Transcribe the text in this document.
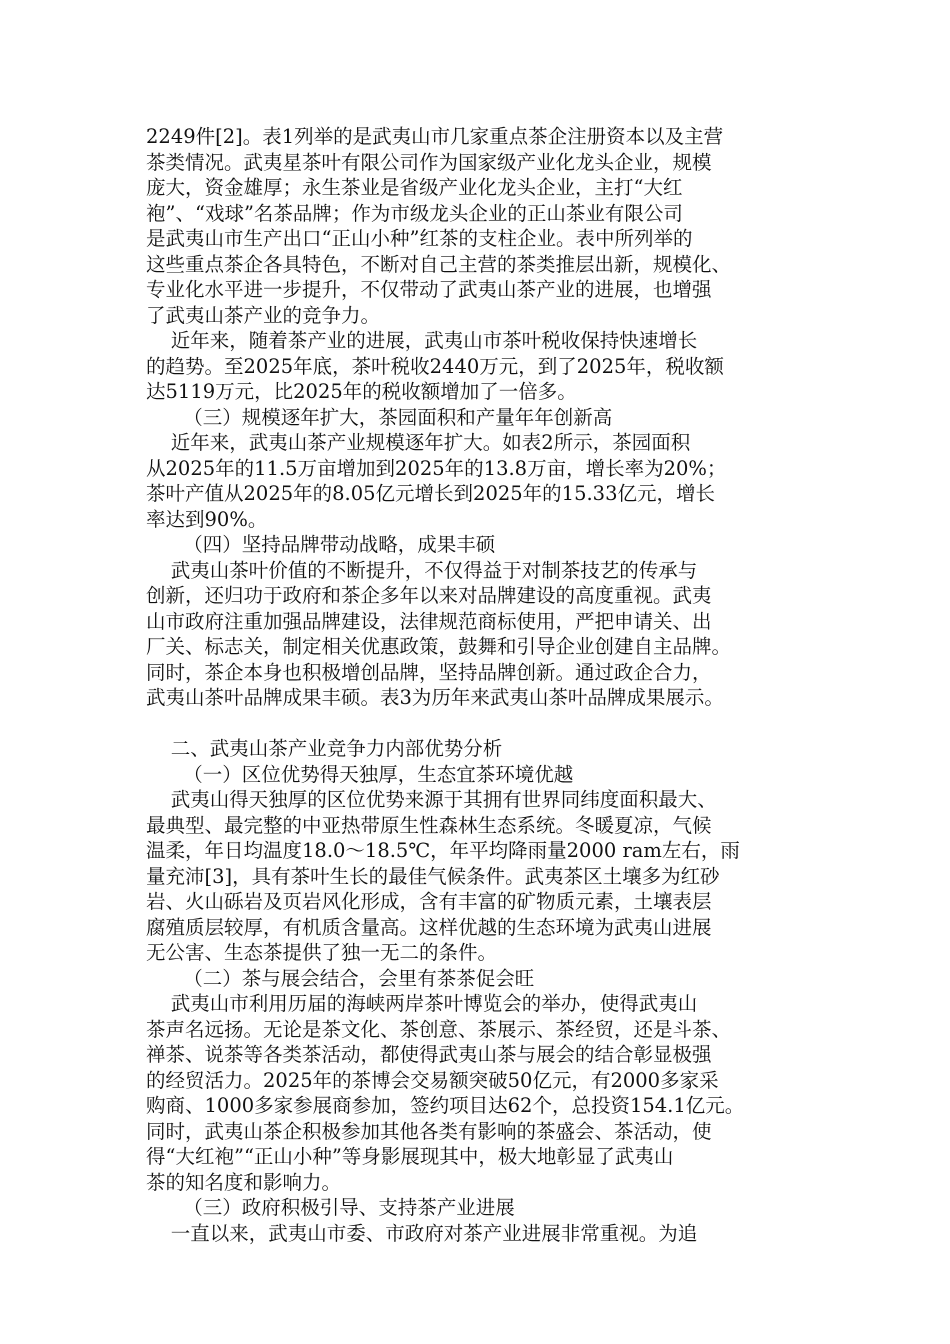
2249件[2]。表1列举的是武夷山市几家重点茶企注册资本以及主营
茶类情况。武夷星茶叶有限公司作为国家级产业化龙头企业，规模
庞大，资金雄厚；永生茶业是省级产业化龙头企业，主打“大红
袍”、“戏球”名茶品牌；作为市级龙头企业的正山茶业有限公司
是武夷山市生产出口“正山小种”红茶的支柱企业。表中所列举的
这些重点茶企各具特色，不断对自己主营的茶类推层出新，规模化、
专业化水平进一步提升，不仅带动了武夷山茶产业的进展，也增强
了武夷山茶产业的竞争力。
近年来，随着茶产业的进展，武夷山市茶叶税收保持快速增长
的趋势。至2025年底，茶叶税收2440万元，到了2025年，税收额
达5119万元，比2025年的税收额增加了一倍多。
（三）规模逐年扩大，茶园面积和产量年年创新高
近年来，武夷山茶产业规模逐年扩大。如表2所示，茶园面积
从2025年的11.5万亩增加到2025年的13.8万亩，增长率为20%；
茶叶产值从2025年的8.05亿元增长到2025年的15.33亿元，增长
率达到90%。
（四）坚持品牌带动战略，成果丰硕
武夷山茶叶价值的不断提升，不仅得益于对制茶技艺的传承与
创新，还归功于政府和茶企多年以来对品牌建设的高度重视。武夷
山市政府注重加强品牌建设，法律规范商标使用，严把申请关、出
厂关、标志关，制定相关优惠政策，鼓舞和引导企业创建自主品牌。
同时，茶企本身也积极增创品牌，坚持品牌创新。通过政企合力，
武夷山茶叶品牌成果丰硕。表3为历年来武夷山茶叶品牌成果展示。
二、武夷山茶产业竞争力内部优势分析
（一）区位优势得天独厚，生态宜茶环境优越
武夷山得天独厚的区位优势来源于其拥有世界同纬度面积最大、
最典型、最完整的中亚热带原生性森林生态系统。冬暖夏凉，气候
温柔，年日均温度18.0～18.5℃，年平均降雨量2000 ram左右，雨
量充沛[3]，具有茶叶生长的最佳气候条件。武夷茶区土壤多为红砂
岩、火山砾岩及页岩风化形成，含有丰富的矿物质元素，土壤表层
腐殖质层较厚，有机质含量高。这样优越的生态环境为武夷山进展
无公害、生态茶提供了独一无二的条件。
（二）茶与展会结合，会里有茶茶促会旺
武夷山市利用历届的海峡两岸茶叶博览会的举办，使得武夷山
茶声名远扬。无论是茶文化、茶创意、茶展示、茶经贸，还是斗茶、
禅茶、说茶等各类茶活动，都使得武夷山茶与展会的结合彰显极强
的经贸活力。2025年的茶博会交易额突破50亿元，有2000多家采
购商、1000多家参展商参加，签约项目达62个，总投资154.1亿元。
同时，武夷山茶企积极参加其他各类有影响的茶盛会、茶活动，使
得“大红袍”“正山小种”等身影展现其中，极大地彰显了武夷山
茶的知名度和影响力。
（三）政府积极引导、支持茶产业进展
一直以来，武夷山市委、市政府对茶产业进展非常重视。为追
